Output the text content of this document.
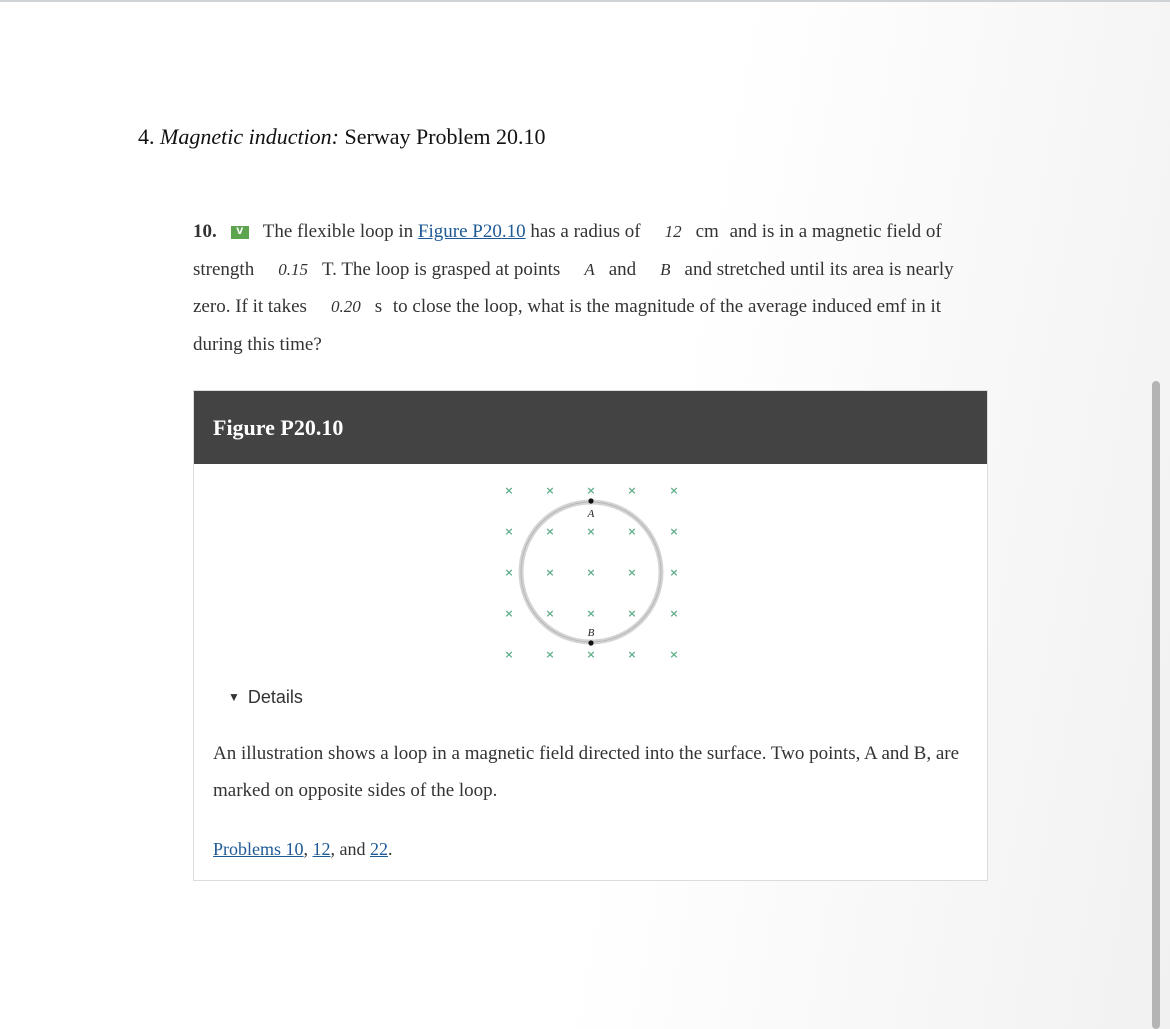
4. Magnetic induction: Serway Problem 20.10
10. V The flexible loop in Figure P20.10 has a radius of 12 cm and is in a magnetic field of strength 0.15 T. The loop is grasped at points A and B and stretched until its area is nearly zero. If it takes 0.20 s to close the loop, what is the magnitude of the average induced emf in it during this time?
Figure P20.10
×	×	×	×	×
×	×	×	×	×
×	×	×	×	×
×	×	×	×	×
×	×	×	×	×
A
B
▼ Details
An illustration shows a loop in a magnetic field directed into the surface. Two points, A and B, are marked on opposite sides of the loop.
Problems 10, 12, and 22.
